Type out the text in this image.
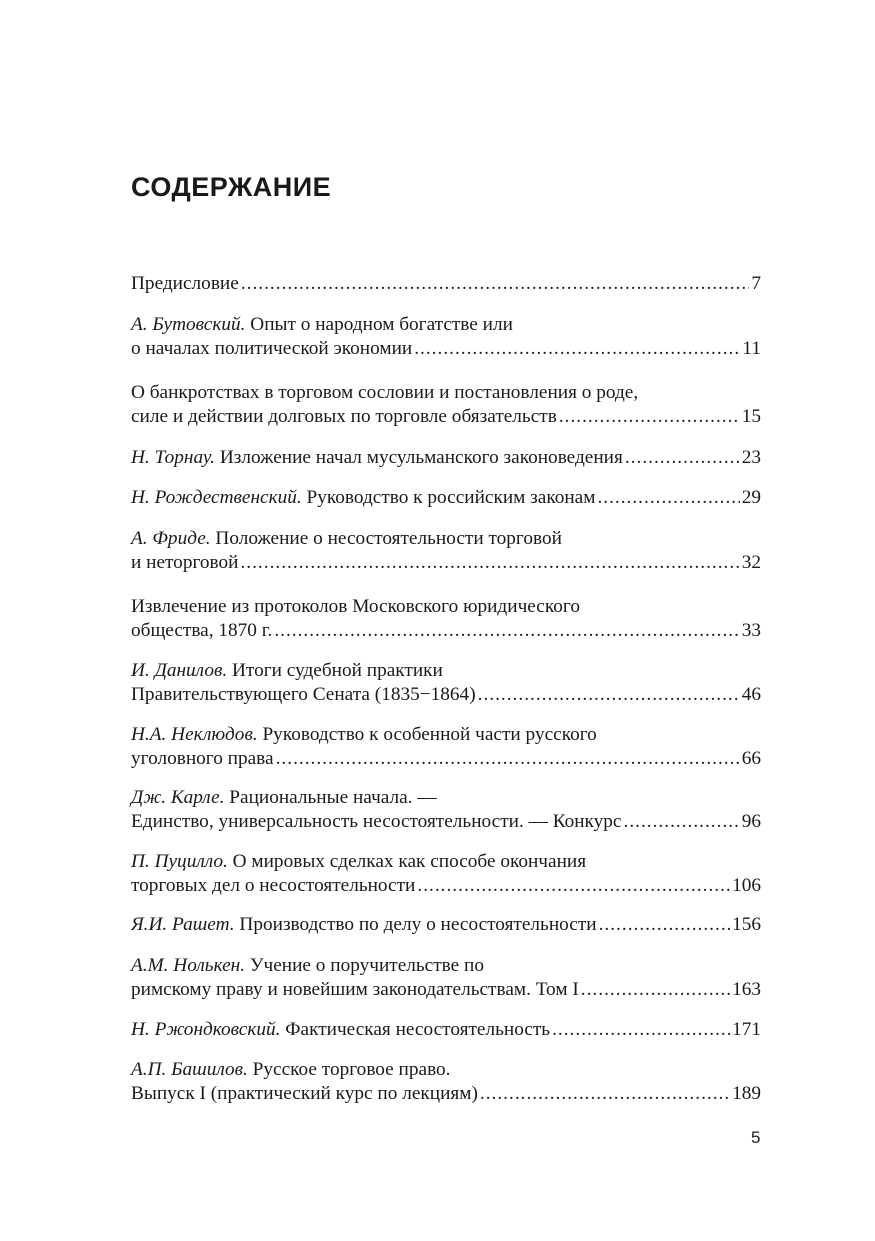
СОДЕРЖАНИЕ
Предисловие .....	7
А. Бутовский. Опыт о народном богатстве или
о началах политической экономии .....	11
О банкротствах в торговом сословии и постановления о роде,
силе и действии долговых по торговле обязательств .....	15
Н. Торнау. Изложение начал мусульманского законоведения .....	23
Н. Рождественский. Руководство к российским законам .....	29
А. Фриде. Положение о несостоятельности торговой
и неторговой .....	32
Извлечение из протоколов Московского юридического
общества, 1870 г. .....	33
И. Данилов. Итоги судебной практики
Правительствующего Сената (1835−1864) .....	46
Н.А. Неклюдов. Руководство к особенной части русского
уголовного права .....	66
Дж. Карле. Рациональные начала. —
Единство, универсальность несостоятельности. — Конкурс .....	96
П. Пуцилло. О мировых сделках как способе окончания
торговых дел о несостоятельности .....	106
Я.И. Рашет. Производство по делу о несостоятельности .....	156
А.М. Нолькен. Учение о поручительстве по
римскому праву и новейшим законодательствам. Том I .....	163
Н. Ржондковский. Фактическая несостоятельность .....	171
А.П. Башилов. Русское торговое право.
Выпуск I (практический курс по лекциям) .....	189
5
